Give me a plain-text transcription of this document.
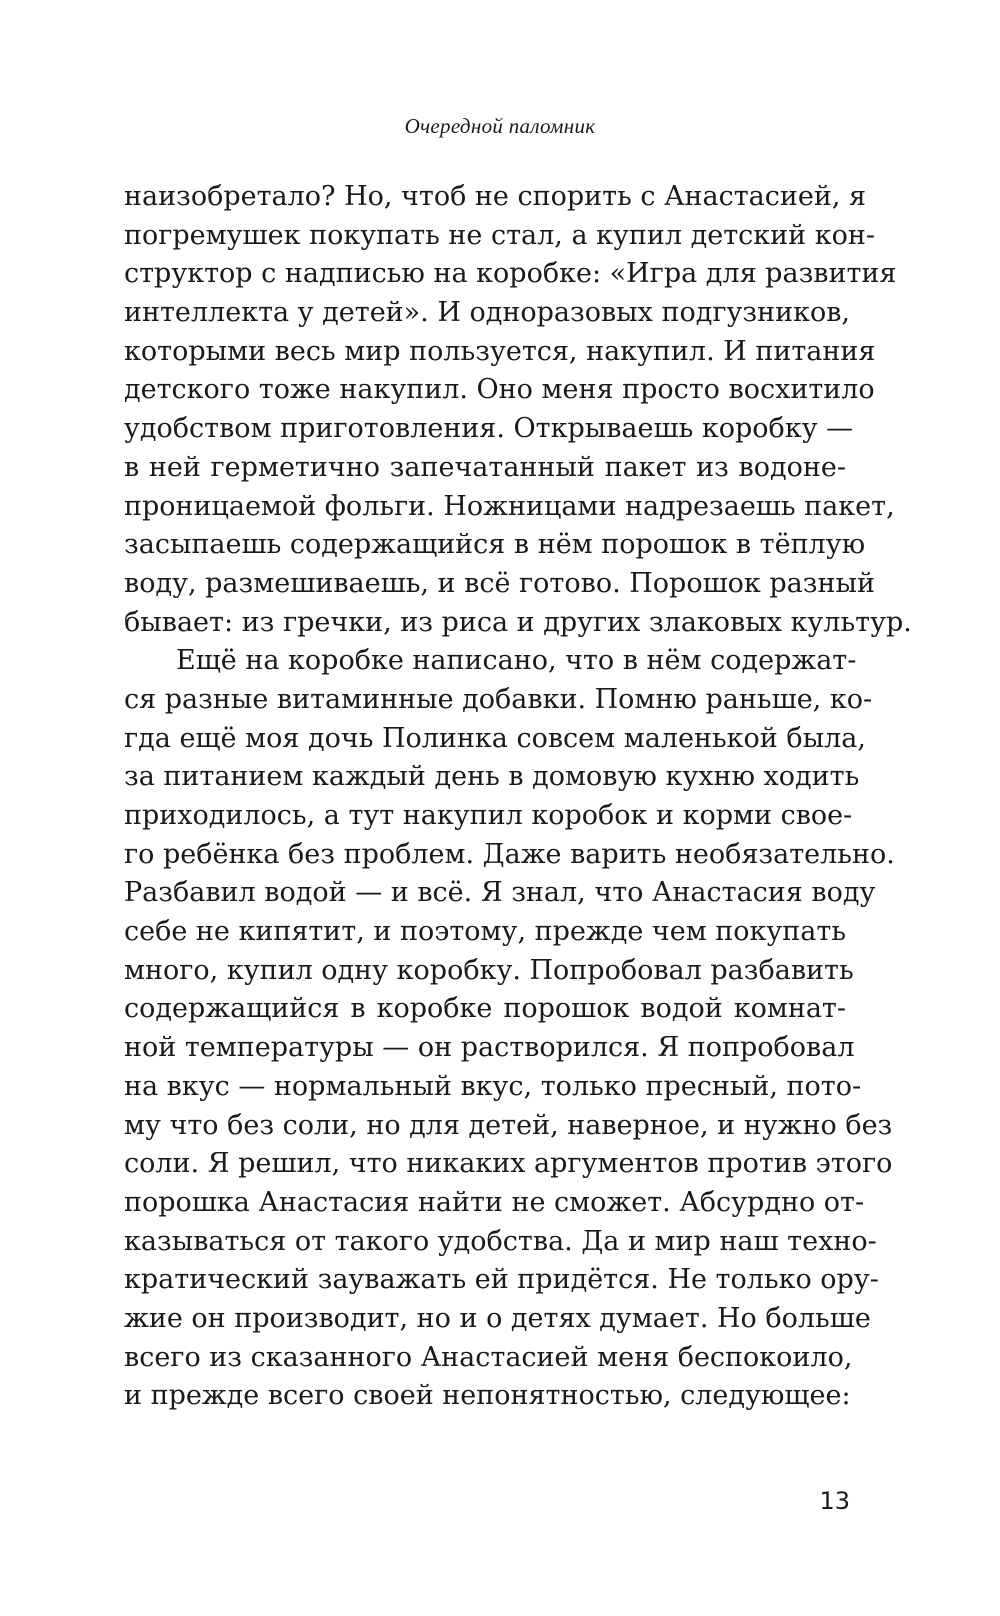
Очередной паломник
наизобретало? Но, чтоб не спорить с Анастасией, я
погремушек покупать не стал, а купил детский кон-
структор с надписью на коробке: «Игра для развития
интеллекта у детей». И одноразовых подгузников,
которыми весь мир пользуется, накупил. И питания
детского тоже накупил. Оно меня просто восхитило
удобством приготовления. Открываешь коробку —
в ней герметично запечатанный пакет из водоне-
проницаемой фольги. Ножницами надрезаешь пакет,
засыпаешь содержащийся в нём порошок в тёплую
воду, размешиваешь, и всё готово. Порошок разный
бывает: из гречки, из риса и других злаковых культур.
Ещё на коробке написано, что в нём содержат-
ся разные витаминные добавки. Помню раньше, ко-
гда ещё моя дочь Полинка совсем маленькой была,
за питанием каждый день в домовую кухню ходить
приходилось, а тут накупил коробок и корми свое-
го ребёнка без проблем. Даже варить необязательно.
Разбавил водой — и всё. Я знал, что Анастасия воду
себе не кипятит, и поэтому, прежде чем покупать
много, купил одну коробку. Попробовал разбавить
содержащийся в коробке порошок водой комнат-
ной температуры — он растворился. Я попробовал
на вкус — нормальный вкус, только пресный, пото-
му что без соли, но для детей, наверное, и нужно без
соли. Я решил, что никаких аргументов против этого
порошка Анастасия найти не сможет. Абсурдно от-
казываться от такого удобства. Да и мир наш техно-
кратический зауважать ей придётся. Не только ору-
жие он производит, но и о детях думает. Но больше
всего из сказанного Анастасией меня беспокоило,
и прежде всего своей непонятностью, следующее:
13
